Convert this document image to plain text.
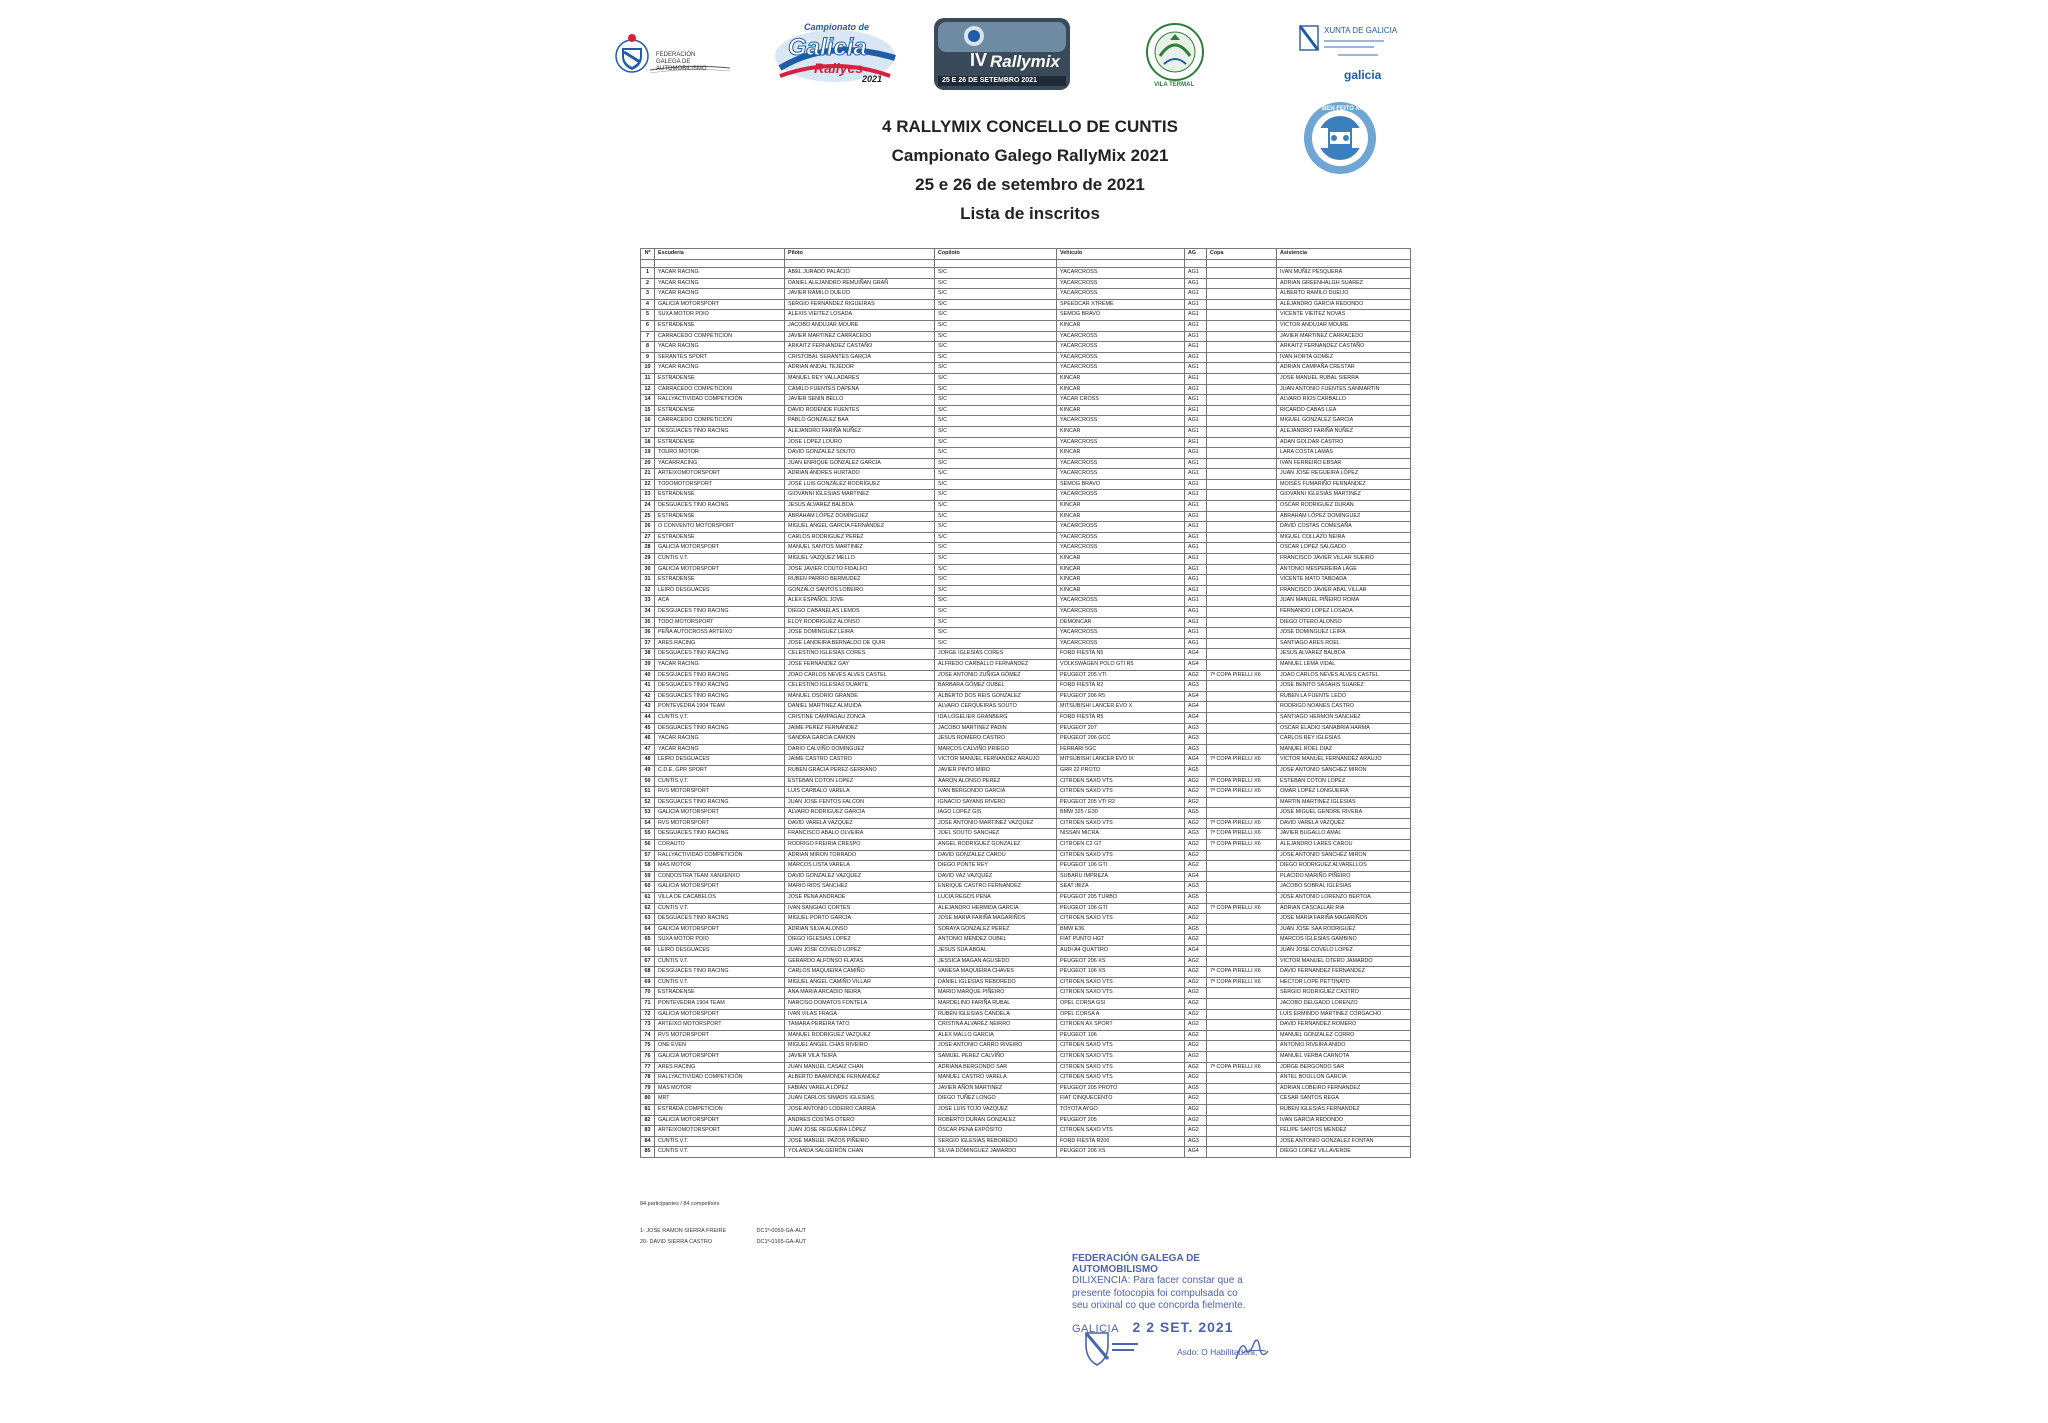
FEDERACIÓN GALEGA DE AUTOMOBILISMO
Campionato de
Galicia
Rallyes
2021
IV Rallymix
25 E 26 DE SETEMBRO 2021
VILA TERMAL
XUNTA DE GALICIA
galicia
BEN FEITO XA
4 RALLYMIX CONCELLO DE CUNTIS
Campionato Galego RallyMix 2021
25 e 26 de setembro de 2021
Lista de inscritos
Nº	Escudería	Piloto	Copiloto	Vehículo	AG	Copa	Asistencia

1	YACAR RACING	ABEL JURADO PALACIO	S/C	YACARCROSS	AG1		IVAN MUÑIZ PESQUERA
2	YACAR RACING	DANIEL ALEJANDRO REMUIÑAN GRAÑ	S/C	YACARCROSS	AG1		ADRIAN GREENHALGH SUAREZ
3	YACAR RACING	JAVIER RAMILO DUEIJO	S/C	YACARCROSS	AG1		ALBERTO RAMILO DUEIJO
4	GALICIA MOTORSPORT	SERGIO FERNÁNDEZ RIGUEIRAS	S/C	SPEEDCAR XTREME	AG1		ALEJANDRO GARCIA REDONDO
5	SUXA MOTOR POIO	ALEXIS VIEITEZ LOSADA	S/C	SEMOG BRAVO	AG1		VICENTE VIEITEZ NOVAS
6	ESTRADENSE	JACOBO ANDUJAR MOURE	S/C	KINCAR	AG1		VICTOR ANDUJAR MOURE
7	CARRACEDO COMPETICION	JAVIER MARTINEZ CARRACEDO	S/C	YACARCROSS	AG1		JAVIER MARTINEZ CARRACEDO
8	YACAR RACING	ARKAITZ FERNANDEZ CASTAÑO	S/C	YACARCROSS	AG1		ARKAITZ FERNANDEZ CASTAÑO
9	SERANTES SPORT	CRISTOBAL SERANTES GARCIA	S/C	YACARCROSS	AG1		IVAN HORTA GOMEZ
10	YACAR RACING	ADRIAN ANDAL TEJEDOR	S/C	YACARCROSS	AG1		ADRIAN CAMPAÑA CRESTAR
11	ESTRADENSE	MANUEL REY VALLADARES	S/C	KINCAR	AG1		JOSE MANUEL RUBAL SIERRA
12	CARRACEDO COMPETICION	CAMILO FUENTES DAPENA	S/C	KINCAR	AG1		JUAN ANTONIO FUENTES SANMARTIN
14	RALLYACTIVIDAD COMPETICIÓN	JAVIER SENIN BELLO	S/C	YACAR CROSS	AG1		ALVARO RIOS CARBALLO
15	ESTRADENSE	DAVID RODENDE FUENTES	S/C	KINCAR	AG1		RICARDO CABAS LEA
16	CARRACEDO COMPETICION	PABLO GONZALEZ BAA	S/C	YACARCROSS	AG1		MIGUEL GONZALEZ GARCIA
17	DESGUACES TINO RACING	ALEJANDRO FARIÑA NUÑEZ	S/C	KINCAR	AG1		ALEJANDRO FARIÑA NUÑEZ
18	ESTRADENSE	JOSE LOPEZ LOURO	S/C	YACARCROSS	AG1		ADAN GOLDAR CASTRO
19	TOURO MOTOR	DAVID GONZALEZ SOUTO	S/C	KINCAR	AG1		LARA COSTA LAMAS
20	YACARRACING	JUAN ENRIQUE GONZALEZ GARCIA	S/C	YACARCROSS	AG1		IVAN FERREIRO EBSAR
21	ARTEIXOMOTORSPORT	ADRIAN ANDRES HURTADO	S/C	YACARCROSS	AG1		JUAN JOSÉ REGUEIRA LÓPEZ
22	TODOMOTORSPORT	JOSÉ LUIS GONZÁLEZ RODRÍGUEZ	S/C	SEMOG BRAVO	AG1		MOISÉS FUMARIÑO FERNÁNDEZ
23	ESTRADENSE	GIOVANNI IGLESIAS MARTINEZ	S/C	YACARCROSS	AG1		GIOVANNI IGLESIAS MARTINEZ
24	DESGUACES TINO RACING	JESUS ALVAREZ BALBOA	S/C	KINCAR	AG1		OSCAR RODRIGUEZ DURAN
25	ESTRADENSE	ABRAHAM LÓPEZ DOMÍNGUEZ	S/C	KINCAR	AG1		ABRAHAM LÓPEZ DOMÍNGUEZ
26	O CONVENTO MOTORSPORT	MIGUEL ANGEL GARCIA FERNANDEZ	S/C	YACARCROSS	AG1		DAVID COSTAS COMESAÑA
27	ESTRADENSE	CARLOS RODRIGUEZ PEREZ	S/C	YACARCROSS	AG1		MIGUEL COLLAZO NEIRA
28	GALICIA MOTORSPORT	MANUEL SANTOS MARTINEZ	S/C	YACARCROSS	AG1		OSCAR LOPEZ SALGADO
29	CUNTIS V.T.	MIGUEL VAZQUEZ MELLO	S/C	KINCAR	AG1		FRANCISCO JAVIER VILLAR SUEIRO
30	GALICIA MOTORSPORT	JOSE JAVIER COUTO FIDALFO	S/C	KINCAR	AG1		ANTONIO MESPEREIRA LAGE
31	ESTRADENSE	RUBEN PARRIO BERMUDEZ	S/C	KINCAR	AG1		VICENTE MATO TABOADA
32	LEIRO DESGUACES	GONZALO SANTOS LOBEIRO	S/C	KINCAR	AG1		FRANCISCO JAVIER ABAL VILLAR
33	ACA	ALEX ESPAÑOL JOVE	S/C	YACARCROSS	AG1		JUAN MANUEL PIÑEIRO ROMA
34	DESGUACES TINO RACING	DIEGO CABANELAS LEMOS	S/C	YACARCROSS	AG1		FERNANDO LOPEZ LOSADA
35	TODO MOTORSPORT	ELOY RODRIGUEZ ALONSO	S/C	DEMONCAR	AG1		DIEGO OTERO ALONSO
36	PEÑA AUTOCROSS ARTEIXO	JOSE DOMINGUEZ LEIRA	S/C	YACARCROSS	AG1		JOSE DOMINGUEZ LEIRA
37	ARES RACING	JOSE LANDEIRA BERNALDO DE QUIR	S/C	YACARCROSS	AG1		SANTIAGO ARES ROEL
38	DESGUACES TINO RACING	CELESTINO IGLESIAS CORES	JORGE IGLESIAS CORES	FORD FIESTA N5	AG4		JESUS ALVAREZ BALBOA
39	YACAR RACING	JOSE FERNANDEZ GAY	ALFREDO CARBALLO FERNANDEZ	VOLKSWAGEN POLO GTI R5	AG4		MANUEL LEMA VIDAL
40	DESGUACES TINO RACING	JOAO CARLOS NEVES ALVES CASTEL	JOSE ANTONIO ZUÑIGA GÓMEZ	PEUGEOT 205 VTI	AG2	7ª COPA PIRELLI X6	JOAO CARLOS NEVES ALVES CASTEL
41	DESGUACES TINO RACING	CELESTINO IGLESIAS DUARTE	BARBARA GÓMEZ OUBEL	FORD FIESTA R2	AG3		JOSE BENITO SASAHIS SUAREZ
42	DESGUACES TINO RACING	MANUEL OSORIO GRANDE	ALBERTO DOS REIS GONZALEZ	PEUGEOT 206 R5	AG4		RUBEN LA FUENTE LEDO
43	PONTEVEDRA 1904 TEAM	DANIEL MARTINEZ ALMUIDA	ALVARO CERQUEIRAS SOUTO	MITSUBISHI LANCER EVO X	AG4		RODRIGO NOANES CASTRO
44	CUNTIS V.T.	CRISTINE CAMPAGAU ZONCA	IDA LOGELIER GRANBERG	FORD FIESTA R5	AG4		SANTIAGO HERMON SANCHEZ
45	DESGUACES TINO RACING	JAIME PEREZ FERNANDEZ	JACOBO MARTINEZ PADIN	PEUGEOT 207	AG3		OSCAR ELADIO SANABRIA HARMA
46	YACAR RACING	SANDRA GARCIA CAMION	JESUS ROMERO CASTRO	PEUGEOT 206 GCC	AG3		CARLOS REY IGLESIAS
47	YACAR RACING	DARIO CALVIÑO DOMINGUEZ	MARCOS CALVIÑO PRIEGO	FERRARI 5GC	AG3		MANUEL ROEL DIAZ
48	LEIRO DESGUACES	JAIME CASTRO CASTRO	VICTOR MANUEL FERNANDEZ ARAUJO	MITSUBISHI LANCER EVO IX	AG4	7ª COPA PIRELLI X6	VICTOR MANUEL FERNANDEZ ARAUJO
49	C.D.E. GPR SPORT	RUBEN GRACIA PEREZ-SERRANO	JAVIER PINTO MIRO	GRR 22 PROTO	AG5		JOSE ANTONIO SANCHEZ MIRON
50	CUNTIS V.T.	ESTEBAN COTON LOPEZ	AARON ALONSO PEREZ	CITROEN SAXO VTS	AG2	7ª COPA PIRELLI X6	ESTEBAN COTON LOPEZ
51	RVS MOTORSPORT	LUIS CARBALO VARELA	IVAN BERGONDO GARCIA	CITROEN SAXO VTS	AG2	7ª COPA PIRELLI X6	OMAR LOPEZ LONGUEIRA
52	DESGUACES TINO RACING	JUAN JOSE FENTOS FALCON	IGNACIO SAYANS RIVERO	PEUGEOT 205 VTI R2	AG2		MARTIN MARTINEZ IGLESIAS
53	GALICIA MOTORSPORT	ALVARO RODRIGUEZ GARCIA	IAGO LOPEZ GIS	BMW 325 / E30	AG5		JOSE MIGUEL GENDRE RIVERA
54	RVS MOTORSPORT	DAVID VARELA VAZQUEZ	JOSE ANTONIO MARTINEZ VAZQUEZ	CITROEN SAXO VTS	AG2	7ª COPA PIRELLI X6	DAVID VARELA VAZQUEZ
55	DESGUACES TINO RACING	FRANCISCO ABALO OLVEIRA	JOEL SOUTO SANCHEZ	NISSAN MICRA	AG3	7ª COPA PIRELLI X6	JAVIER BUGALLO AMAL
56	CORAUTO	RODRIGO FREIRIA CRESPO	ANGEL RODRIGUEZ GONZALEZ	CITROEN C2 GT	AG2	7ª COPA PIRELLI X6	ALEJANDRO LARES CAROU
57	RALLYACTIVIDAD COMPETICIÓN	ADRIAN MIRON TORRADO	DAVID GONZALEZ CAROU	CITROEN SAXO VTS	AG2		JOSE ANTONIO SANCHEZ MIRON
58	MAS MOTOR	MARCOS LISTA VARELA	DIEGO PONTE REY	PEUGEOT 106 GTI	AG2		DIEGO RODRIGUEZ ALVARELLOS
59	CONDOSTRA TEAM XANXENXO	DAVID GONZALEZ VAZQUEZ	DAVID VAZ VAZQUEZ	SUBARU IMPREZA	AG4		PLACIDO MARIÑO PIÑEIRO
60	GALICIA MOTORSPORT	MARIO RIOS SANCHEZ	ENRIQUE CASTRO FERNANDEZ	SEAT IBIZA	AG3		JACOBO SOBRAL IGLESIAS
61	VILLA DE CACABELOS	JOSE PENA ANDRADE	LUCIA REGOS PENA	PEUGEOT 205 TURBO	AG5		JOSE ANTONIO LORENZO BERTOA
62	CUNTIS V.T.	IVAN SANGIAO CORTES	ALEJANDRO HERMIDA GARCIA	PEUGEOT 106 GTI	AG2	7ª COPA PIRELLI X6	ADRIAN CASCALLAR RIA
63	DESGUACES TINO RACING	MIGUEL PORTO GARCIA	JOSE MARIA FARIÑA MAGARIÑOS	CITROEN SAXO VTS	AG2		JOSE MARIA FARIÑA MAGARIÑOS
64	GALICIA MOTORSPORT	ADRIAN SILVA ALONSO	SORAYA GONZALEZ PEREZ	BMW E36	AG5		JUAN JOSE SAA RODRIGUEZ
65	SUXA MOTOR POIO	DIEGO IGLESIAS LOPEZ	ANTONIO MENDEZ OUBEL	FIAT PUNTO HGT	AG2		MARCOS IGLESIAS GAMBINO
66	LEIRO DESGUACES	JUAN JOSE COVELO LOPEZ	JESUS SUA ABOAL	AUDI A4 QUATTRO	AG4		JUAN JOSE COVELO LOPEZ
67	CUNTIS V.T.	GERARDO ALFONSO FLATAS	JESSICA MAGAN AGUSEDO	PEUGEOT 206 XS	AG2		VICTOR MANUEL OTERO JAMARDO
68	DESGUACES TINO RACING	CARLOS MAQUIEIRA CAMIÑO	VANESA MAQUIEIRA CHAVES	PEUGEOT 106 XS	AG2	7ª COPA PIRELLI X6	DAVID FERNANDEZ FERNANDEZ
69	CUNTIS V.T.	MIGUEL ANGEL CAMIÑO VILLAR	DANIEL IGLESIAS REBOREDO	CITROEN SAXO VTS	AG2	7ª COPA PIRELLI X6	HECTOR LOPE PETTINATO
70	ESTRADENSE	ANA MARIA ARCADIO NEIRA	MARIO MARQUE PIÑEIRO	CITROEN SAXO VTS	AG2		SERGIO RODRIGUEZ CASTRO
71	PONTEVEDRA 1904 TEAM	NARCISO DOMATOS FONTELA	MARDELINO FARIÑA RUBAL	OPEL CORSA GSI	AG2		JACOBO DELGADO LORENZO
72	GALICIA MOTORSPORT	IVAN VILAS FRAGA	RUBÉN IGLESIAS CANDELA	OPEL CORSA A	AG2		LUIS ERMINDO MARTINEZ CORGACHO
73	ARTEIXO MOTORSPORT	TAMARA PEREIRA TATO	CRISTINA ALVAREZ NEIRRO	CITROEN AX SPORT	AG2		DAVID FERNANDEZ ROMERO
74	RVS MOTORSPORT	MANUEL RODRIGUEZ VAZQUEZ	ALEX MALLO GARCIA	PEUGEOT 106	AG2		MANUEL GONZALEZ CORRO
75	ONE ÉVEN	MIGUEL ANGEL CHAS RIVEIRO	JOSE ANTONIO CARRO RIVEIRO	CITROEN SAXO VTS	AG2		ANTONIO RIVEIRA ANIDO
76	GALICIA MOTORSPORT	JAVIER VILA TEIRA	SAMUEL PEREZ CALVIÑO	CITROEN SAXO VTS	AG2		MANUEL VERBA CARNOTA
77	ARES RACING	JUAN MANUEL CASAIZ CHAN	ADRIANA BERGONDO SAR	CITROEN SAXO VTS	AG2	7ª COPA PIRELLI X6	JORGE BERGONDO SAR
78	RALLYACTIVIDAD COMPETICIÓN	ALBERTO BAAMONDE FERNANDEZ	MANUEL CASTRO VARELA	CITROEN SAXO VTS	AG2		ANTEL BOULLON GARCIA
79	MAS MOTOR	FABIAN VARELA LÓPEZ	JAVIER AÑON MARTINEZ	PEUGEOT 205 PROTO	AG5		ADRIAN LOBEIRO FERNANDEZ
80	MRT	JUAN CARLOS SIMADS IGLESIAS	DIEGO TUÑEZ LONGO	FIAT CINQUECENTO	AG2		CESAR SANTOS REGA
81	ESTRADA COMPETICION	JOSE ANTONIO LODEIRO CARRIA	JOSE LUIS TOJO VAZQUEZ	TOYOTA AYGO	AG2		RUBEN IGLESIAS FERNANDEZ
82	GALICIA MOTORSPORT	ANDRES COSTAS OTERO	ROBERTO DURAN GONZALEZ	PEUGEOT 205	AG2		IVAN GARCIA REDONDO
83	ARTEIXOMOTORSPORT	JUAN JOSE REGUEIRA LÓPEZ	ÓSCAR PENA EXPÓSITO	CITROEN SAXO VTS	AG2		FELIPE SANTOS MENDEZ
84	CUNTIS V.T.	JOSE MANUEL PAZOS PIÑEIRO	SERGIO IGLESIAS REBOREDO	FORD FIESTA R200	AG3		JOSE ANTONIO GONZALEZ FONTAN
85	CUNTIS V.T.	YOLANDA SALGEIRÓN CHAN	SILVIA DOMINGUEZ JAMARDO	PEUGEOT 206 XS	AG4		DIEGO LOPEZ VILLAVERDE
84 participantes / 84 competitors
1- JOSE RAMON SIERRA FREIRE	DC1ª-0059-GA-AUT
20- DAVID SIERRA CASTRO	DC1ª-0165-GA-AUT
FEDERACIÓN GALEGA DE AUTOMOBILISMO
DILIXENCIA: Para facer constar que a
presente fotocopia foi compulsada co
seu orixinal co que concorda fielmente.
GALICIA 2 2 SET. 2021
Asdo: O Habilitado/a,
